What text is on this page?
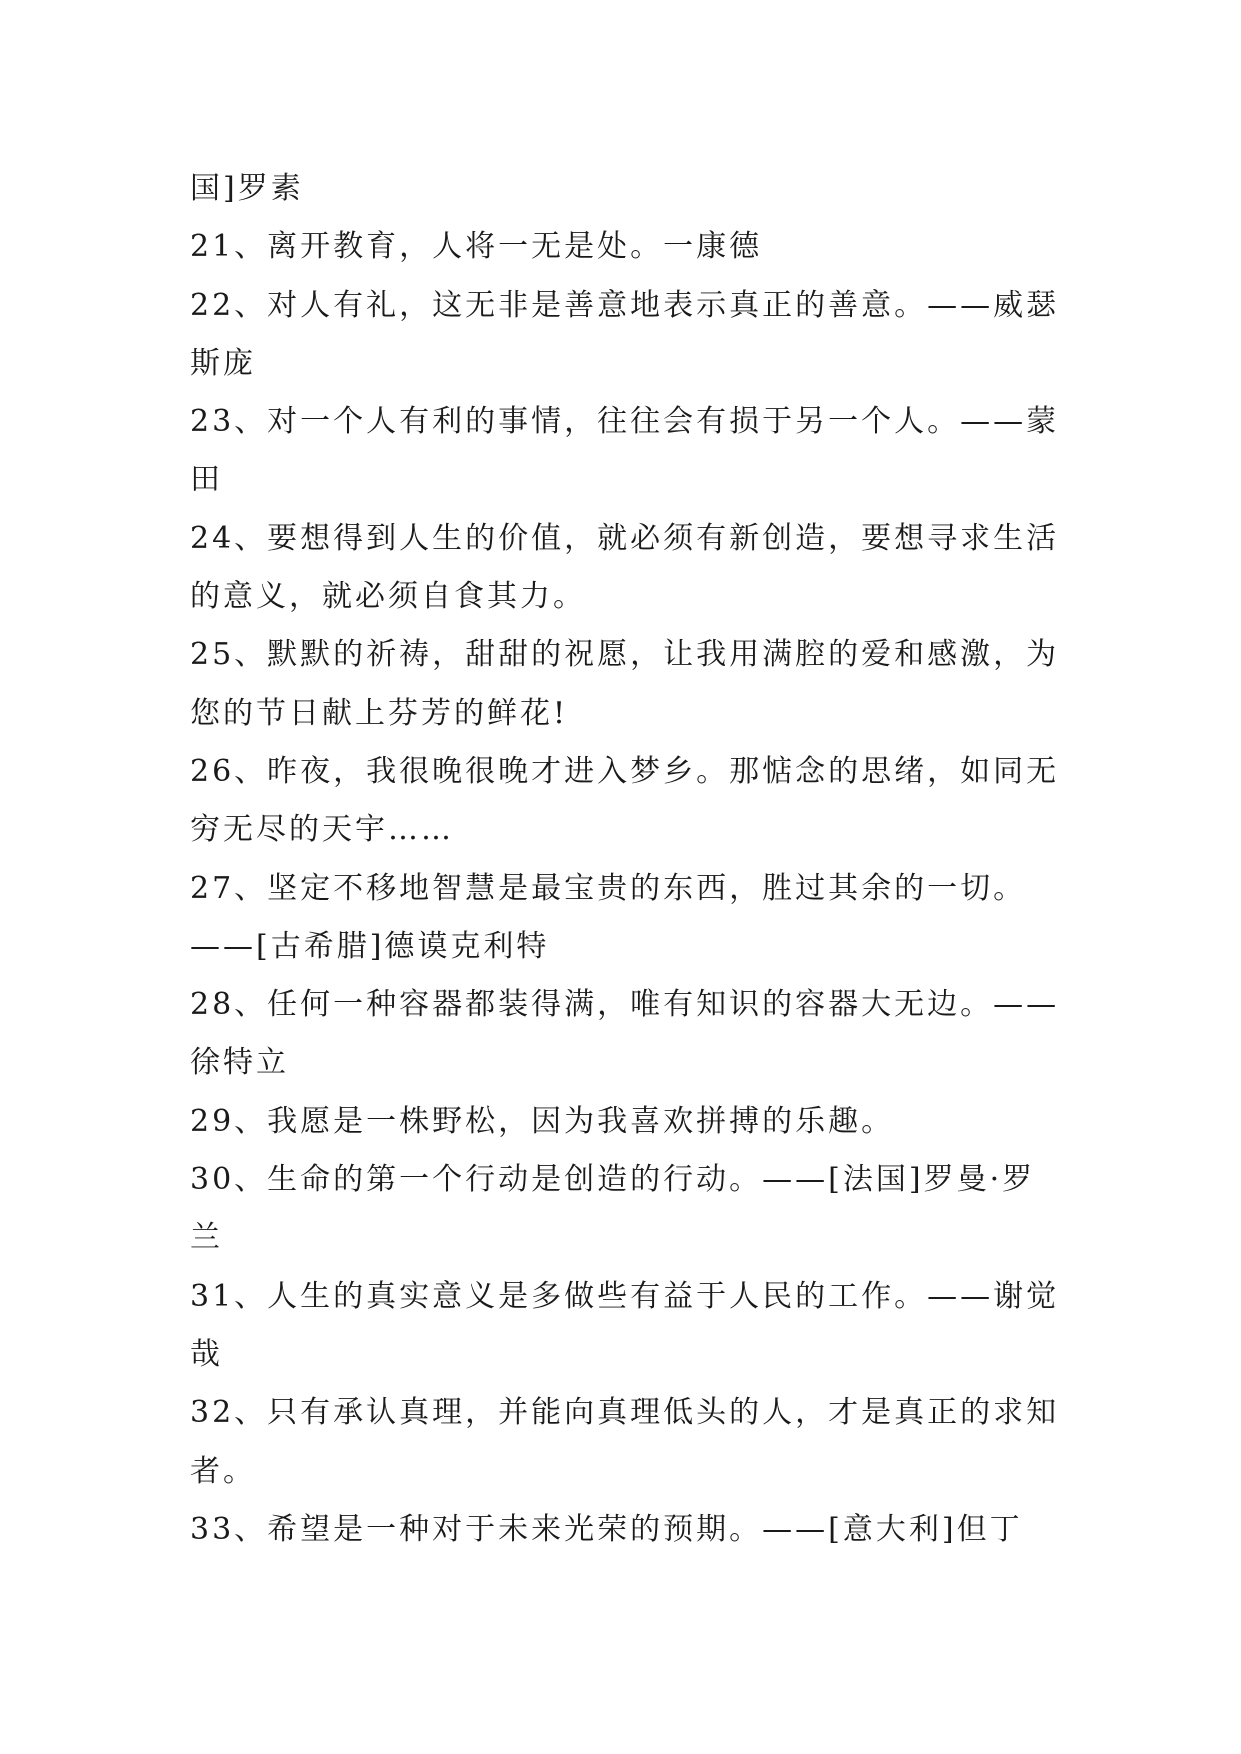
国]罗素
21、离开教育，人将一无是处。一康德
22、对人有礼，这无非是善意地表示真正的善意。——威瑟
斯庞
23、对一个人有利的事情，往往会有损于另一个人。——蒙
田
24、要想得到人生的价值，就必须有新创造，要想寻求生活
的意义，就必须自食其力。
25、默默的祈祷，甜甜的祝愿，让我用满腔的爱和感激，为
您的节日献上芬芳的鲜花!
26、昨夜，我很晚很晚才进入梦乡。那惦念的思绪，如同无
穷无尽的天宇……
27、坚定不移地智慧是最宝贵的东西，胜过其余的一切。
——[古希腊]德谟克利特
28、任何一种容器都装得满，唯有知识的容器大无边。——
徐特立
29、我愿是一株野松，因为我喜欢拼搏的乐趣。
30、生命的第一个行动是创造的行动。——[法国]罗曼·罗
兰
31、人生的真实意义是多做些有益于人民的工作。——谢觉
哉
32、只有承认真理，并能向真理低头的人，才是真正的求知
者。
33、希望是一种对于未来光荣的预期。——[意大利]但丁
